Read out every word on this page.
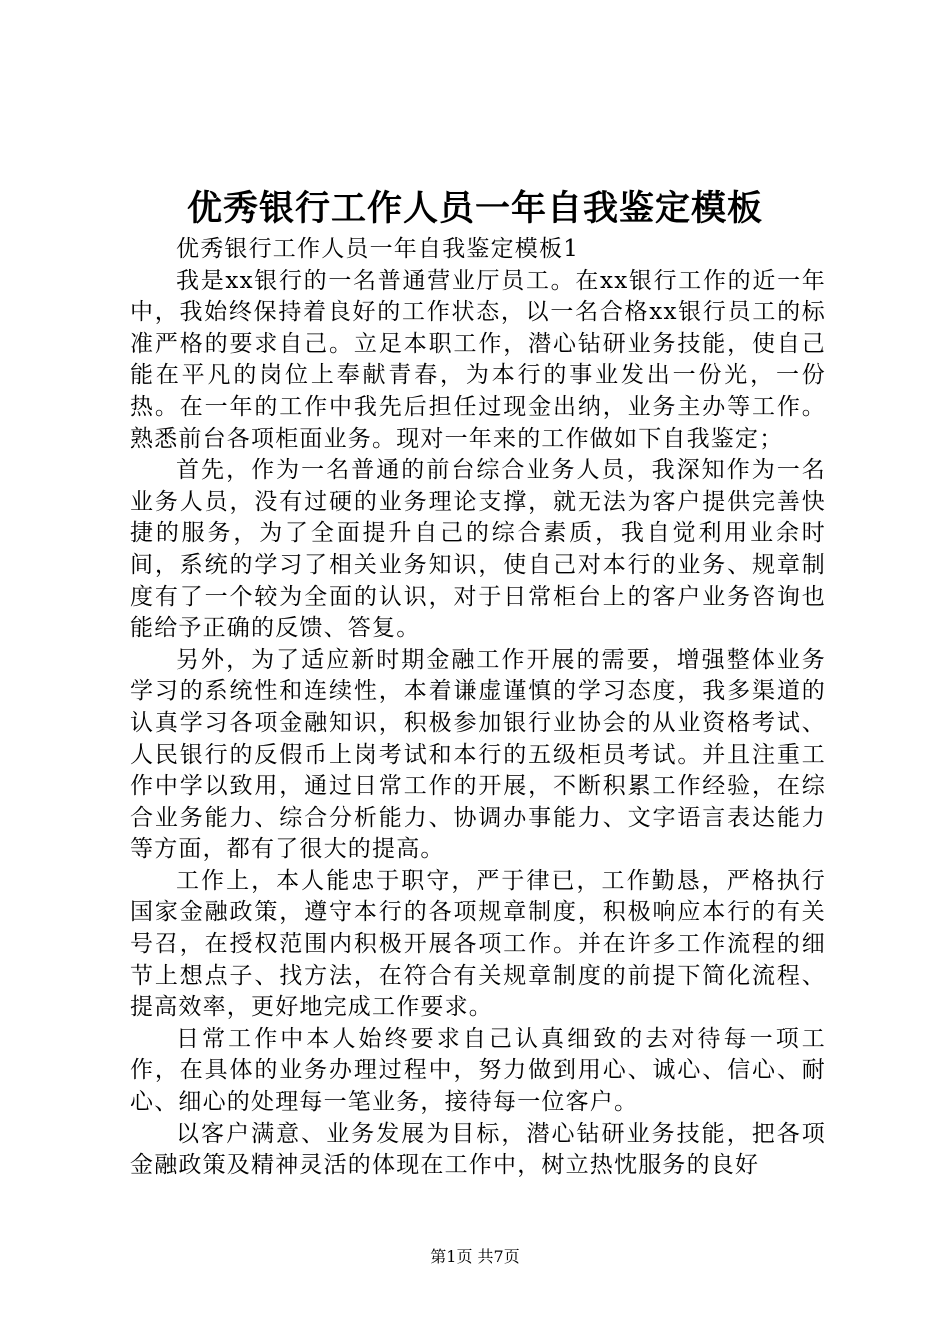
优秀银行工作人员一年自我鉴定模板

优秀银行工作人员一年自我鉴定模板1

我是xx银行的一名普通营业厅员工。在xx银行工作的近一年中，我始终保持着良好的工作状态，以一名合格xx银行员工的标准严格的要求自己。立足本职工作，潜心钻研业务技能，使自己能在平凡的岗位上奉献青春，为本行的事业发出一份光，一份热。在一年的工作中我先后担任过现金出纳，业务主办等工作。熟悉前台各项柜面业务。现对一年来的工作做如下自我鉴定；

首先，作为一名普通的前台综合业务人员，我深知作为一名业务人员，没有过硬的业务理论支撑，就无法为客户提供完善快捷的服务，为了全面提升自己的综合素质，我自觉利用业余时间，系统的学习了相关业务知识，使自己对本行的业务、规章制度有了一个较为全面的认识，对于日常柜台上的客户业务咨询也能给予正确的反馈、答复。

另外，为了适应新时期金融工作开展的需要，增强整体业务学习的系统性和连续性，本着谦虚谨慎的学习态度，我多渠道的认真学习各项金融知识，积极参加银行业协会的从业资格考试、人民银行的反假币上岗考试和本行的五级柜员考试。并且注重工作中学以致用，通过日常工作的开展，不断积累工作经验，在综合业务能力、综合分析能力、协调办事能力、文字语言表达能力等方面，都有了很大的提高。

工作上，本人能忠于职守，严于律已，工作勤恳，严格执行国家金融政策，遵守本行的各项规章制度，积极响应本行的有关号召，在授权范围内积极开展各项工作。并在许多工作流程的细节上想点子、找方法，在符合有关规章制度的前提下简化流程、提高效率，更好地完成工作要求。

日常工作中本人始终要求自己认真细致的去对待每一项工作，在具体的业务办理过程中，努力做到用心、诚心、信心、耐心、细心的处理每一笔业务，接待每一位客户。

以客户满意、业务发展为目标，潜心钻研业务技能，把各项金融政策及精神灵活的体现在工作中，树立热忱服务的良好

第1页 共7页
